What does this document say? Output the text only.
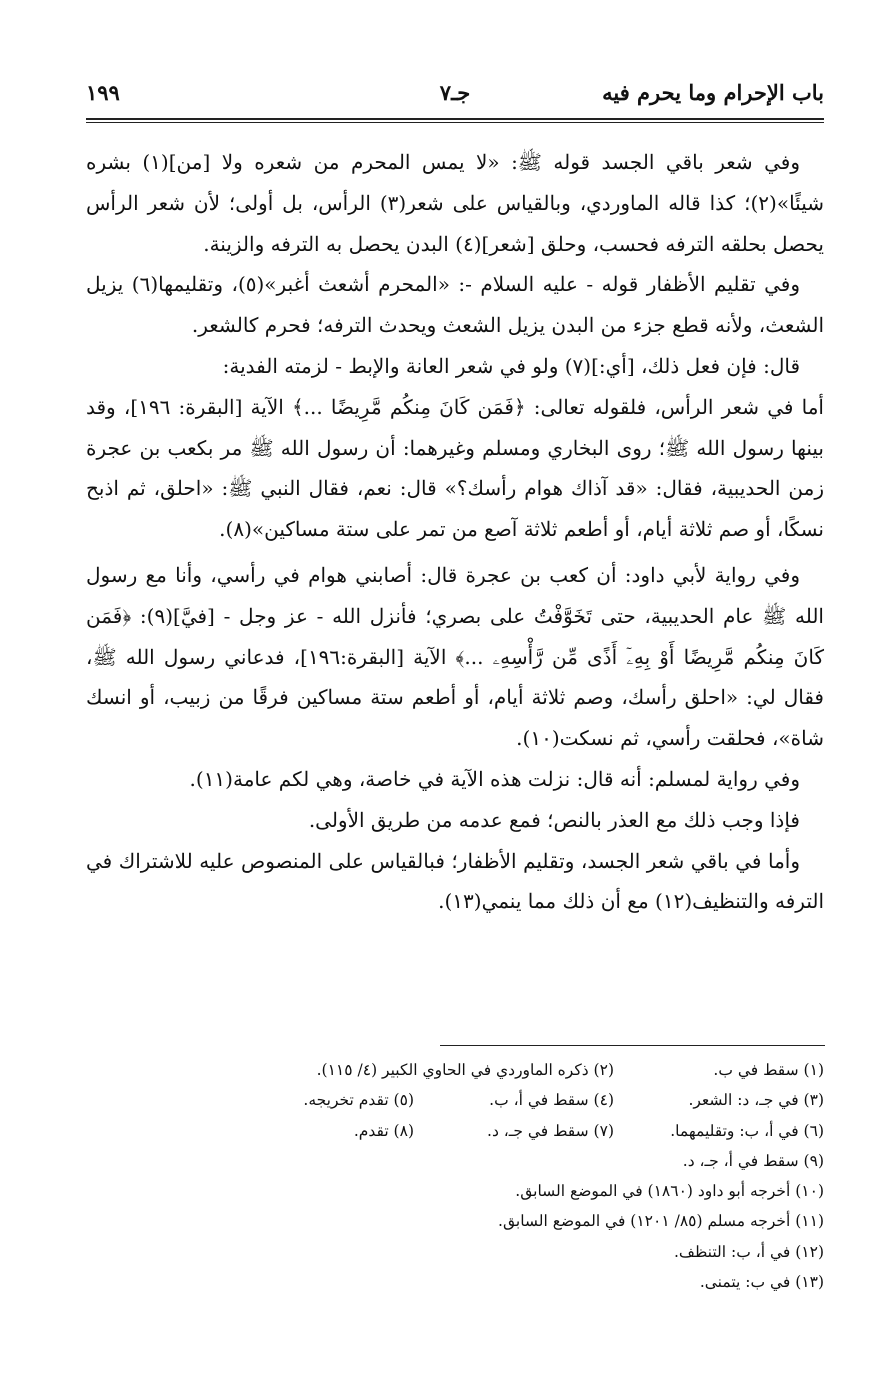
باب الإحرام وما يحرم فيه
جـ٧
١٩٩

وفي شعر باقي الجسد قوله ﷺ: «لا يمس المحرم من شعره ولا [من](١) بشره شيئًا»(٢)؛ كذا قاله الماوردي، وبالقياس على شعر(٣) الرأس، بل أولى؛ لأن شعر الرأس يحصل بحلقه الترفه فحسب، وحلق [شعر](٤) البدن يحصل به الترفه والزينة.

وفي تقليم الأظفار قوله - عليه السلام -: «المحرم أشعث أغبر»(٥)، وتقليمها(٦) يزيل الشعث، ولأنه قطع جزء من البدن يزيل الشعث ويحدث الترفه؛ فحرم كالشعر.

قال: فإن فعل ذلك، [أي:](٧) ولو في شعر العانة والإبط - لزمته الفدية:

أما في شعر الرأس، فلقوله تعالى: ﴿فَمَن كَانَ مِنكُم مَّرِيضًا ...﴾ الآية [البقرة: ١٩٦]، وقد بينها رسول الله ﷺ؛ روى البخاري ومسلم وغيرهما: أن رسول الله ﷺ مر بكعب بن عجرة زمن الحديبية، فقال: «قد آذاك هوام رأسك؟» قال: نعم، فقال النبي ﷺ: «احلق، ثم اذبح نسكًا، أو صم ثلاثة أيام، أو أطعم ثلاثة آصع من تمر على ستة مساكين»(٨).

وفي رواية لأبي داود: أن كعب بن عجرة قال: أصابني هوام في رأسي، وأنا مع رسول الله ﷺ عام الحديبية، حتى تَخَوَّفْتُ على بصري؛ فأنزل الله - عز وجل - [فيَّ](٩): ﴿فَمَن كَانَ مِنكُم مَّرِيضًا أَوْ بِهِۦٓ أَذًى مِّن رَّأْسِهِۦ ...﴾ الآية [البقرة:١٩٦]، فدعاني رسول الله ﷺ، فقال لي: «احلق رأسك، وصم ثلاثة أيام، أو أطعم ستة مساكين فرقًا من زبيب، أو انسك شاة»، فحلقت رأسي، ثم نسكت(١٠).

وفي رواية لمسلم: أنه قال: نزلت هذه الآية في خاصة، وهي لكم عامة(١١).

فإذا وجب ذلك مع العذر بالنص؛ فمع عدمه من طريق الأولى.

وأما في باقي شعر الجسد، وتقليم الأظفار؛ فبالقياس على المنصوص عليه للاشتراك في الترفه والتنظيف(١٢) مع أن ذلك مما ينمي(١٣).

(١) سقط في ب.
(٢) ذكره الماوردي في الحاوي الكبير (٤/ ١١٥).
(٣) في جـ، د: الشعر.
(٤) سقط في أ، ب.
(٥) تقدم تخريجه.
(٦) في أ، ب: وتقليمهما.
(٧) سقط في جـ، د.
(٨) تقدم.
(٩) سقط في أ، جـ، د.
(١٠) أخرجه أبو داود (١٨٦٠) في الموضع السابق.
(١١) أخرجه مسلم (٨٥/ ١٢٠١) في الموضع السابق.
(١٢) في أ، ب: التنظف.
(١٣) في ب: يتمنى.
